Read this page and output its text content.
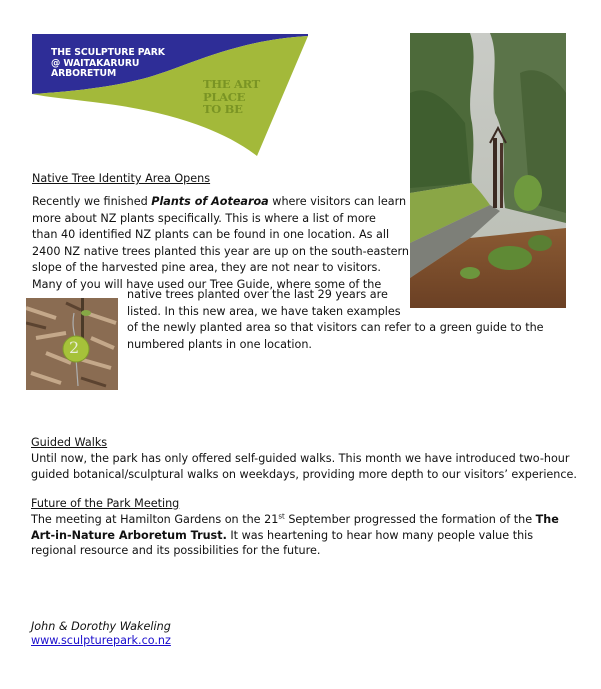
THE SCULPTURE PARK
@ WAITAKARURU
ARBORETUM
THE ART
PLACE
TO BE
Native Tree Identity Area Opens
Recently we finished Plants of Aotearoa where visitors can learn
more about NZ plants specifically. This is where a list of more
than 40 identified NZ plants can be found in one location. As all
2400 NZ native trees planted this year are up on the south-eastern
slope of the harvested pine area, they are not near to visitors.
Many of you will have used our Tree Guide, where some of the
native trees planted over the last 29 years are
listed. In this new area, we have taken examples
of the newly planted area so that visitors can refer to a green guide to the
numbered plants in one location.
2
Guided Walks
Until now, the park has only offered self-guided walks. This month we have introduced two-hour
guided botanical/sculptural walks on weekdays, providing more depth to our visitors’ experience.
Future of the Park Meeting
The meeting at Hamilton Gardens on the 21st September progressed the formation of the The
Art-in-Nature Arboretum Trust. It was heartening to hear how many people value this
regional resource and its possibilities for the future.
John & Dorothy Wakeling
www.sculpturepark.co.nz
